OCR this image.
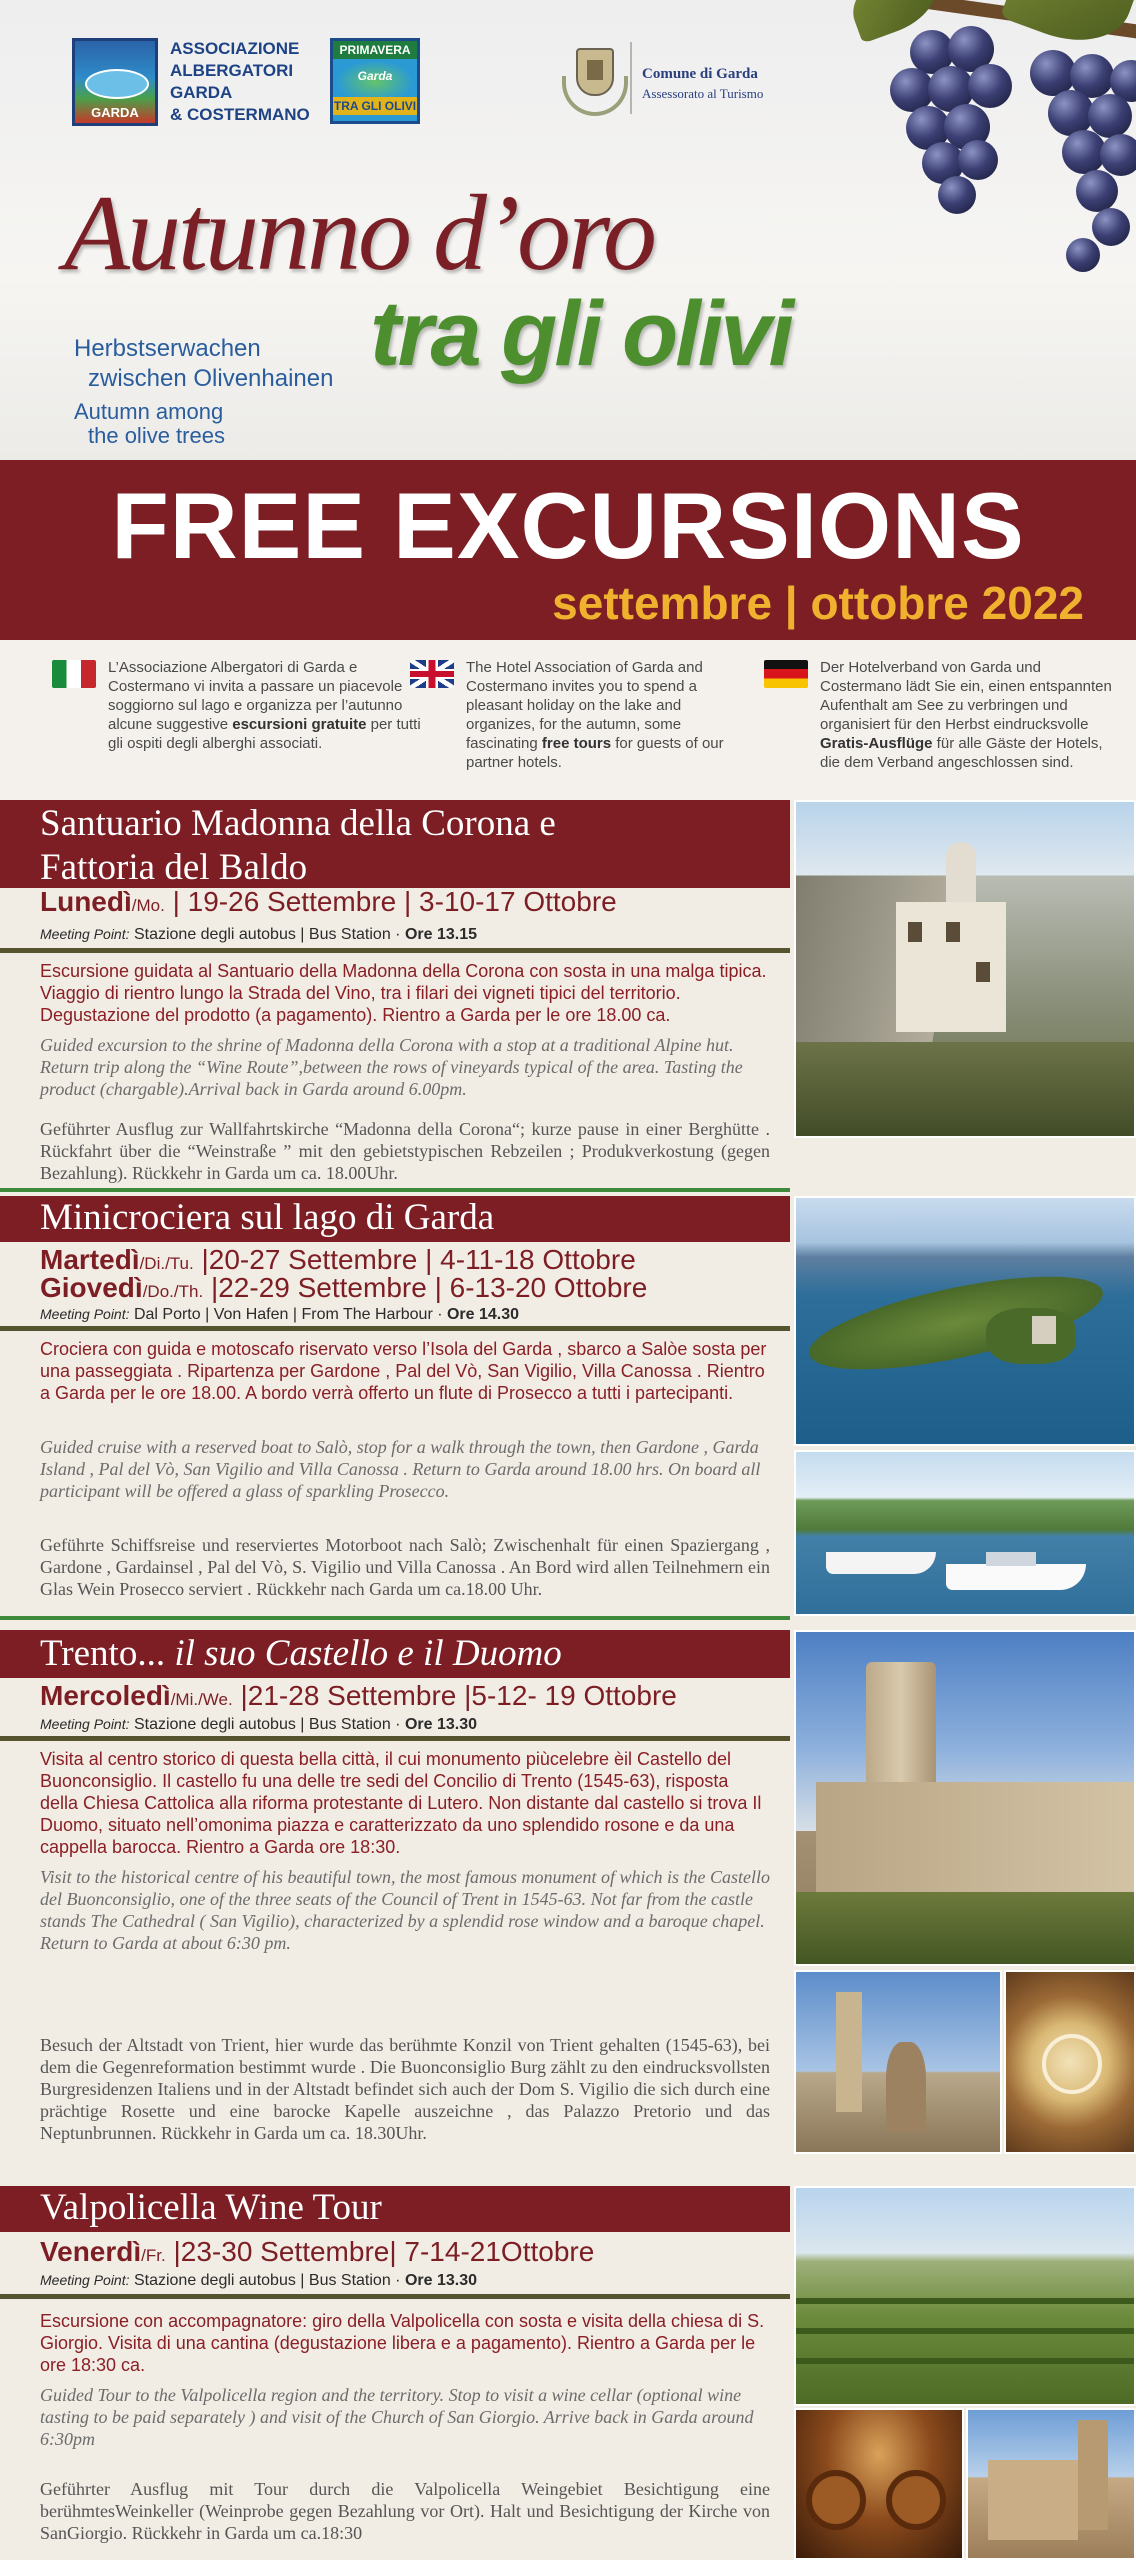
GARDA
ASSOCIAZIONE
ALBERGATORI
GARDA
& COSTERMANO
PRIMAVERA
Garda
TRA GLI OLIVI
Comune di Garda
Assessorato al Turismo
Autunno d’oro
Herbstserwachen
zwischen Olivenhainen
Autumn among
the olive trees
tra gli olivi
FREE EXCURSIONS
settembre | ottobre 2022
L’Associazione Albergatori di Garda e Costermano vi invita a passare un piacevole soggiorno sul lago e organizza per l’autunno alcune suggestive escursioni gratuite per tutti gli ospiti degli alberghi associati.
The Hotel Association of Garda and Costermano invites you to spend a pleasant holiday on the lake and organizes, for the autumn, some fascinating free tours for guests of our partner hotels.
Der Hotelverband von Garda und Costermano lädt Sie ein, einen entspannten Aufenthalt am See zu verbringen und organisiert für den Herbst eindrucksvolle Gratis-Ausflüge für alle Gäste der Hotels, die dem Verband angeschlossen sind.
Santuario Madonna della Corona e
Fattoria del Baldo
Lunedì/Mo. | 19-26 Settembre | 3-10-17 Ottobre
Meeting Point: Stazione degli autobus | Bus Station · Ore 13.15
Escursione guidata al Santuario della Madonna della Corona con sosta in una malga tipica. Viaggio di rientro lungo la Strada del Vino, tra i filari dei vigneti tipici del territorio. Degustazione del prodotto (a pagamento). Rientro a Garda per le ore 18.00 ca.
Guided excursion to the shrine of Madonna della Corona with a stop at a traditional Alpine hut. Return trip along the “Wine Route”,between the rows of vineyards typical of the area. Tasting the product (chargable).Arrival back in Garda around 6.00pm.
Geführter Ausflug zur Wallfahrtskirche “Madonna della Corona“; kurze pause in einer Berghütte . Rückfahrt über die “Weinstraße ” mit den gebietstypischen Rebzeilen ; Produkverkostung (gegen Bezahlung). Rückkehr in Garda um ca. 18.00Uhr.
Minicrociera sul lago di Garda
Martedì/Di./Tu. |20-27 Settembre | 4-11-18 Ottobre
Giovedì/Do./Th. |22-29 Settembre | 6-13-20 Ottobre
Meeting Point: Dal Porto | Von Hafen | From The Harbour · Ore 14.30
Crociera con guida e motoscafo riservato verso l’Isola del Garda , sbarco a Salòe sosta per una passeggiata . Ripartenza per Gardone , Pal del Vò, San Vigilio, Villa Canossa . Rientro a Garda per le ore 18.00. A bordo verrà offerto un flute di Prosecco a tutti i partecipanti.
Guided cruise with a reserved boat to Salò, stop for a walk through the town, then Gardone , Garda Island , Pal del Vò, San Vigilio and Villa Canossa . Return to Garda around 18.00 hrs. On board all participant will be offered a glass of sparkling Prosecco.
Geführte Schiffsreise und reserviertes Motorboot nach Salò; Zwischenhalt für einen Spaziergang , Gardone , Gardainsel , Pal del Vò, S. Vigilio und Villa Canossa . An Bord wird allen Teilnehmern ein Glas Wein Prosecco serviert . Rückkehr nach Garda um ca.18.00 Uhr.
Trento... il suo Castello e il Duomo
Mercoledì/Mi./We. |21-28 Settembre |5-12- 19 Ottobre
Meeting Point: Stazione degli autobus | Bus Station · Ore 13.30
Visita al centro storico di questa bella città, il cui monumento piùcelebre èil Castello del Buonconsiglio. Il castello fu una delle tre sedi del Concilio di Trento (1545-63), risposta della Chiesa Cattolica alla riforma protestante di Lutero. Non distante dal castello si trova Il Duomo, situato nell’omonima piazza e caratterizzato da uno splendido rosone e da una cappella barocca. Rientro a Garda ore 18:30.
Visit to the historical centre of his beautiful town, the most famous monument of which is the Castello del Buonconsiglio, one of the three seats of the Council of Trent in 1545-63. Not far from the castle stands The Cathedral ( San Vigilio), characterized by a splendid rose window and a baroque chapel. Return to Garda at about 6:30 pm.
Besuch der Altstadt von Trient, hier wurde das berühmte Konzil von Trient gehalten (1545-63), bei dem die Gegenreformation bestimmt wurde . Die Buonconsiglio Burg zählt zu den eindrucksvollsten Burgresidenzen Italiens und in der Altstadt befindet sich auch der Dom S. Vigilio die sich durch eine prächtige Rosette und eine barocke Kapelle auszeichne , das Palazzo Pretorio und das Neptunbrunnen. Rückkehr in Garda um ca. 18.30Uhr.
Valpolicella Wine Tour
Venerdì/Fr. |23-30 Settembre| 7-14-21Ottobre
Meeting Point: Stazione degli autobus | Bus Station · Ore 13.30
Escursione con accompagnatore: giro della Valpolicella con sosta e visita della chiesa di S. Giorgio. Visita di una cantina (degustazione libera e a pagamento). Rientro a Garda per le ore 18:30 ca.
Guided Tour to the Valpolicella region and the territory. Stop to visit a wine cellar (optional wine tasting to be paid separately ) and visit of the Church of San Giorgio. Arrive back in Garda around 6:30pm
Geführter Ausflug mit Tour durch die Valpolicella Weingebiet Besichtigung eine berühmtesWeinkeller (Weinprobe gegen Bezahlung vor Ort). Halt und Besichtigung der Kirche von SanGiorgio. Rückkehr in Garda um ca.18:30
